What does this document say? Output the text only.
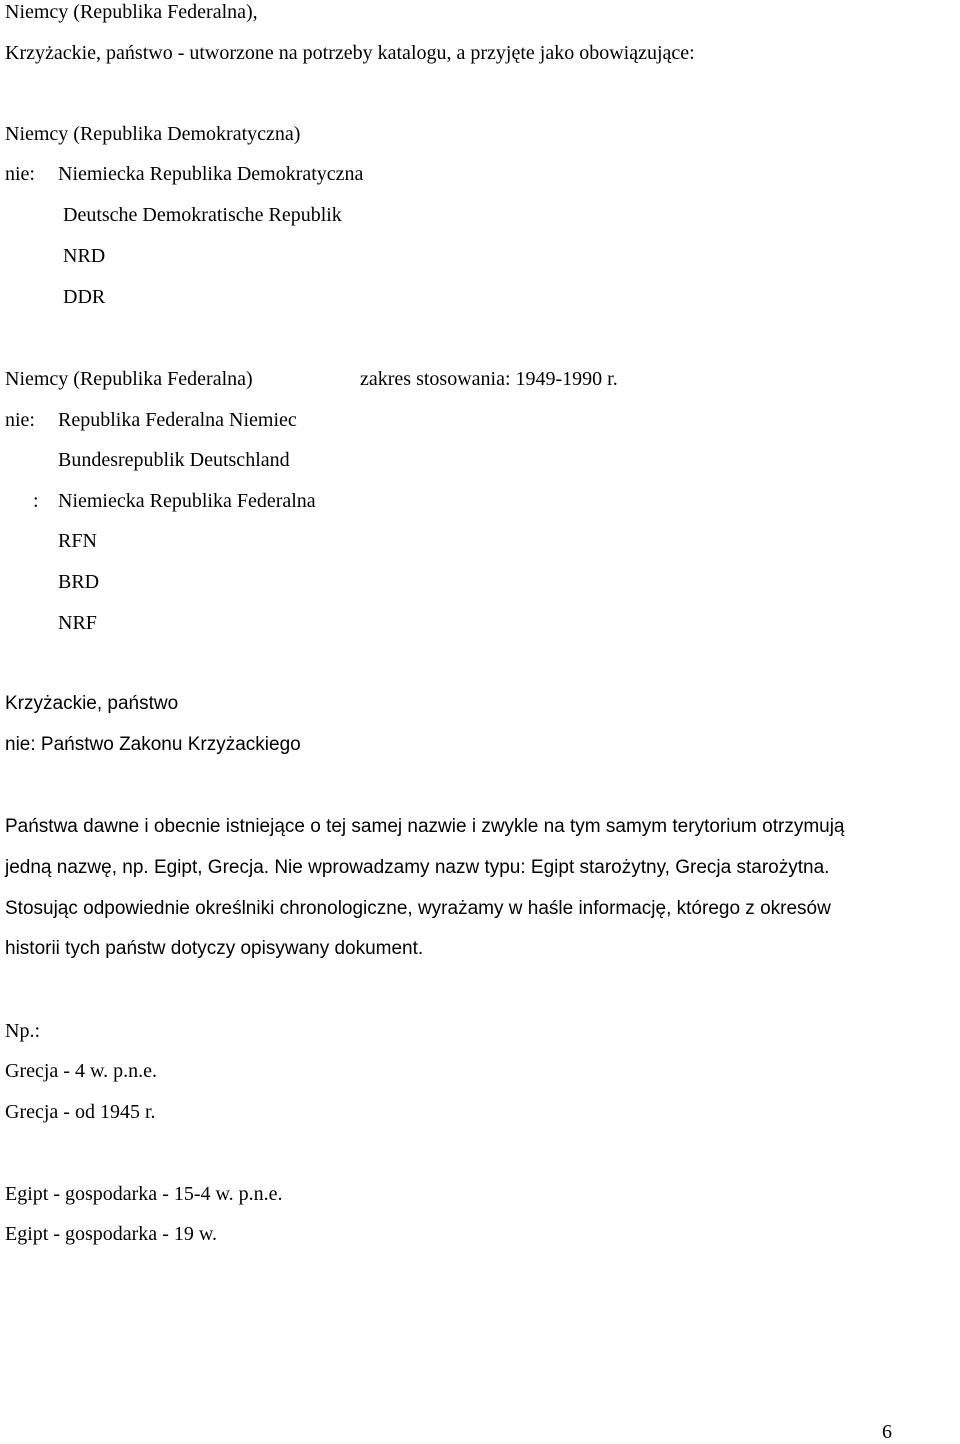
Niemcy (Republika Federalna),
Krzyżackie, państwo - utworzone na potrzeby katalogu, a przyjęte jako obowiązujące:
Niemcy (Republika Demokratyczna)
nie: Niemiecka Republika Demokratyczna
Deutsche Demokratische Republik
NRD
DDR
Niemcy (Republika Federalna)	zakres stosowania: 1949-1990 r.
nie: Republika Federalna Niemiec
Bundesrepublik Deutschland
: Niemiecka Republika Federalna
RFN
BRD
NRF
Krzyżackie, państwo
nie: Państwo Zakonu Krzyżackiego
Państwa dawne i obecnie istniejące o tej samej nazwie i zwykle na tym samym terytorium otrzymują
jedną nazwę, np. Egipt, Grecja. Nie wprowadzamy nazw typu: Egipt starożytny, Grecja starożytna.
Stosując odpowiednie określniki chronologiczne, wyrażamy w haśle informację, którego z okresów
historii tych państw dotyczy opisywany dokument.
Np.:
Grecja - 4 w. p.n.e.
Grecja - od 1945 r.
Egipt - gospodarka - 15-4 w. p.n.e.
Egipt - gospodarka - 19 w.
6
